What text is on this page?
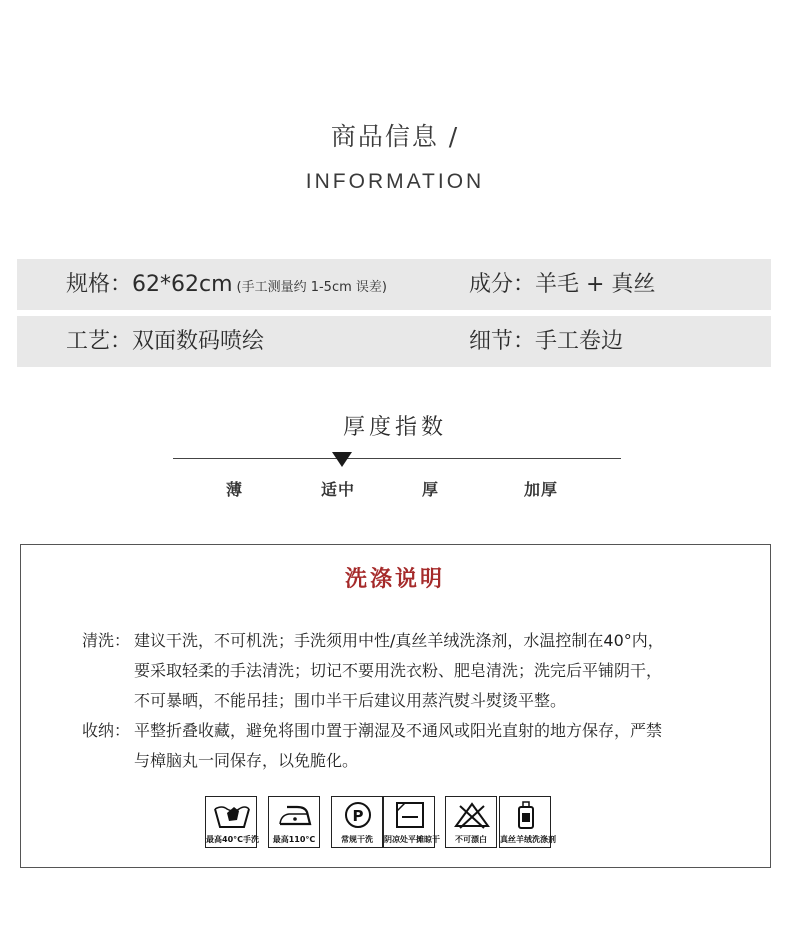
商品信息 /
INFORMATION
规格：62*62cm (手工测量约 1-5cm 误差)	成分：羊毛 + 真丝
工艺：双面数码喷绘	细节：手工卷边
厚度指数
薄	适中	厚	加厚
洗涤说明
清洗： 建议干洗，不可机洗；手洗须用中性/真丝羊绒洗涤剂，水温控制在40°内，
要采取轻柔的手法清洗；切记不要用洗衣粉、肥皂清洗；洗完后平铺阴干，
不可暴晒，不能吊挂；围巾半干后建议用蒸汽熨斗熨烫平整。
收纳： 平整折叠收藏，避免将围巾置于潮湿及不通风或阳光直射的地方保存，严禁
与樟脑丸一同保存，以免脆化。
最高40°C手洗	最高110°C
P
常规干洗	阴凉处平摊晾干	不可漂白	真丝羊绒洗涤剂
